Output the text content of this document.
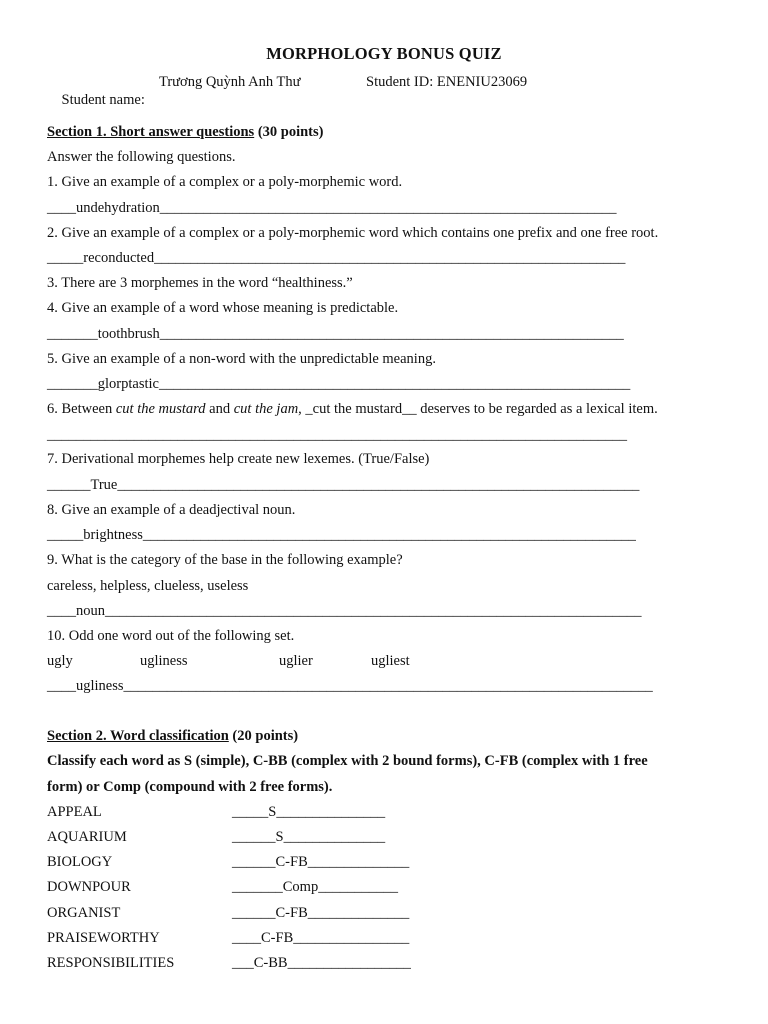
MORPHOLOGY BONUS QUIZ

Student name:

Trương Quỳnh Anh Thư	Student ID: ENENIU23069
Section 1. Short answer questions (30 points)
Answer the following questions.
1. Give an example of a complex or a poly-morphemic word.
____undehydration_______________________________________________________________
2. Give an example of a complex or a poly-morphemic word which contains one prefix and one free root.
_____reconducted_________________________________________________________________
3. There are 3 morphemes in the word “healthiness.”
4. Give an example of a word whose meaning is predictable.
_______toothbrush________________________________________________________________
5. Give an example of a non-word with the unpredictable meaning.
_______glorptastic_________________________________________________________________
6. Between cut the mustard and cut the jam, _cut the mustard__ deserves to be regarded as a lexical item.
________________________________________________________________________________
7. Derivational morphemes help create new lexemes. (True/False)
______True________________________________________________________________________
8. Give an example of a deadjectival noun.
_____brightness____________________________________________________________________
9. What is the category of the base in the following example?
careless, helpless, clueless, useless
____noun__________________________________________________________________________
10. Odd one word out of the following set.
ugly	ugliness	uglier	ugliest
____ugliness_________________________________________________________________________
Section 2. Word classification (20 points)
Classify each word as S (simple), C-BB (complex with 2 bound forms), C-FB (complex with 1 free
form) or Comp (compound with 2 free forms).
APPEAL	_____S_______________
AQUARIUM	______S______________
BIOLOGY	______C-FB______________
DOWNPOUR	_______Comp___________
ORGANIST	______C-FB______________
PRAISEWORTHY	____C-FB________________
RESPONSIBILITIES	___C-BB_________________
